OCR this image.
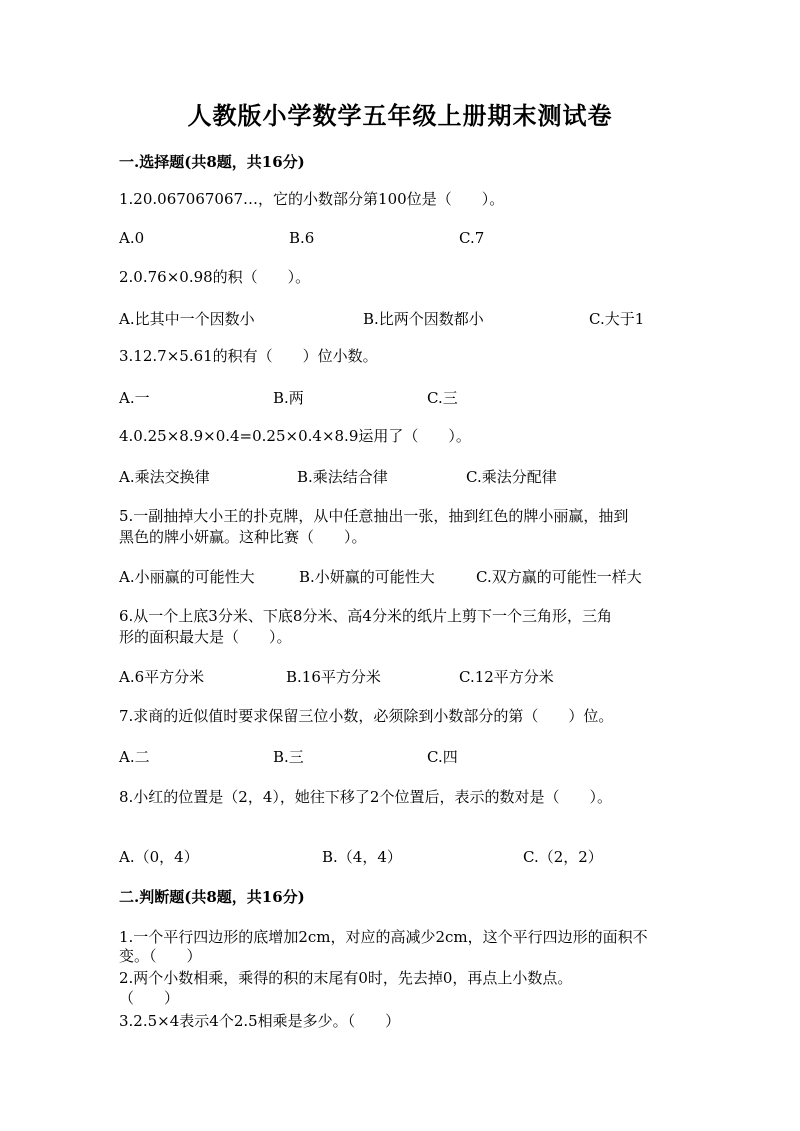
人教版小学数学五年级上册期末测试卷
一.选择题(共8题，共16分)
1.20.067067067…，它的小数部分第100位是（　　）。
A.0	B.6	C.7
2.0.76×0.98的积（　　）。
A.比其中一个因数小	B.比两个因数都小	C.大于1
3.12.7×5.61的积有（　　）位小数。
A.一	B.两	C.三
4.0.25×8.9×0.4=0.25×0.4×8.9运用了（　　）。
A.乘法交换律	B.乘法结合律	C.乘法分配律
5.一副抽掉大小王的扑克牌，从中任意抽出一张，抽到红色的牌小丽赢，抽到
黑色的牌小妍赢。这种比赛（　　）。
A.小丽赢的可能性大	B.小妍赢的可能性大	C.双方赢的可能性一样大
6.从一个上底3分米、下底8分米、高4分米的纸片上剪下一个三角形，三角
形的面积最大是（　　）。
A.6平方分米	B.16平方分米	C.12平方分米
7.求商的近似值时要求保留三位小数，必须除到小数部分的第（　　）位。
A.二	B.三	C.四
8.小红的位置是（2，4），她往下移了2个位置后，表示的数对是（　　）。
A.（0，4）	B.（4，4）	C.（2，2）
二.判断题(共8题，共16分)
1.一个平行四边形的底增加2cm，对应的高减少2cm，这个平行四边形的面积不
变。（　　）
2.两个小数相乘，乘得的积的末尾有0时，先去掉0，再点上小数点。
（　　）
3.2.5×4表示4个2.5相乘是多少。（　　）
